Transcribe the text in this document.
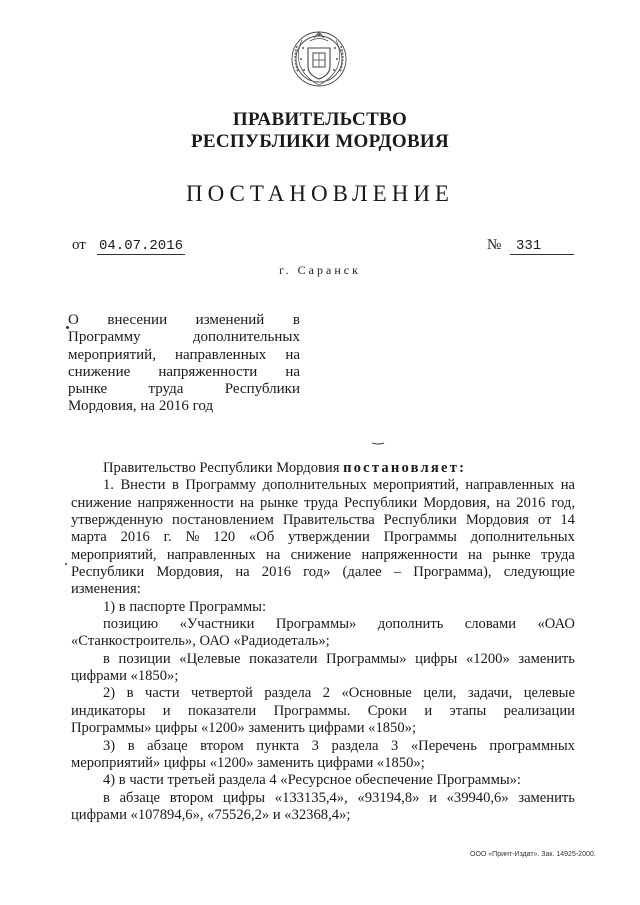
ПРАВИТЕЛЬСТВО
РЕСПУБЛИКИ МОРДОВИЯ
ПОСТАНОВЛЕНИЕ
от 04.07.2016	№	331
г. Саранск
О внесении изменений в
Программу	дополнительных
мероприятий, направленных на
снижение напряженности на
рынке	труда	Республики
Мордовия, на 2016 год
Правительство Республики Мордовия
постановляет:
1. Внести в Программу дополнительных мероприятий, направленных на
снижение напряженности на рынке труда Республики Мордовия, на 2016 год,
утвержденную постановлением Правительства Республики Мордовия от 14
марта 2016 г. № 120 «Об утверждении Программы дополнительных
мероприятий, направленных на снижение напряженности на рынке труда
Республики Мордовия, на 2016 год» (далее – Программа), следующие
изменения:
1) в паспорте Программы:
позицию «Участники Программы» дополнить словами «ОАО
«Станкостроитель», ОАО «Радиодеталь»;
в позиции «Целевые показатели Программы» цифры «1200» заменить
цифрами «1850»;
2) в части четвертой раздела 2 «Основные цели, задачи, целевые
индикаторы и показатели Программы. Сроки и этапы реализации
Программы» цифры «1200» заменить цифрами «1850»;
3) в абзаце втором пункта 3 раздела 3 «Перечень программных
мероприятий» цифры «1200» заменить цифрами «1850»;
4) в части третьей раздела 4 «Ресурсное обеспечение Программы»:
в абзаце втором цифры «133135,4», «93194,8» и «39940,6» заменить
цифрами «107894,6», «75526,2» и «32368,4»;
ООО «Принт-Издат». Зак. 14925-2000.
